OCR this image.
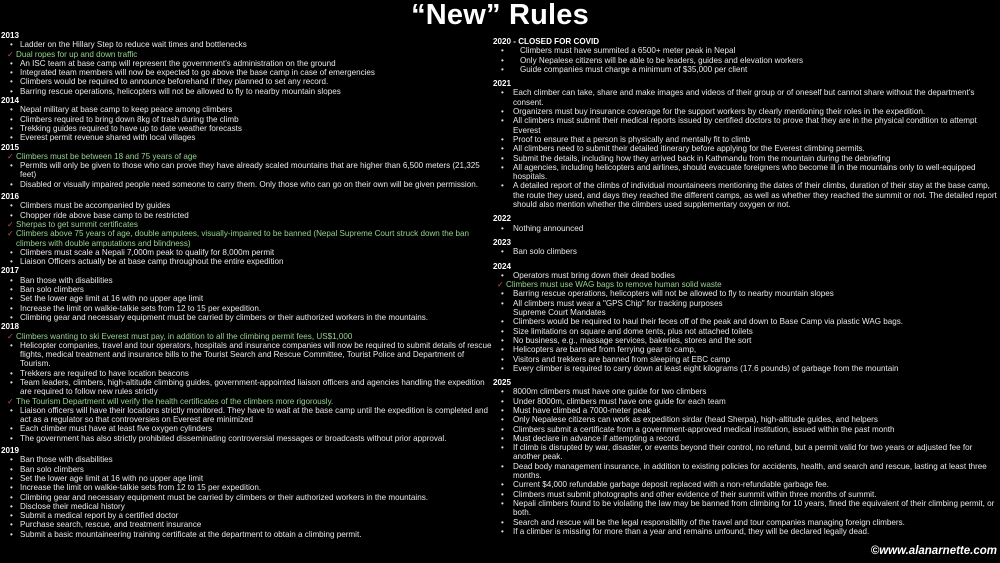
“New” Rules
2013
• Ladder on the Hillary Step to reduce wait times and bottlenecks
✓ Dual ropes for up and down traffic
• An ISC team at base camp will represent the government’s administration on the ground
• Integrated team members will now be expected to go above the base camp in case of emergencies
• Climbers would be required to announce beforehand if they planned to set any record.
• Barring rescue operations, helicopters will not be allowed to fly to nearby mountain slopes
2014
• Nepal military at base camp to keep peace among climbers
• Climbers required to bring down 8kg of trash during the climb
• Trekking guides required to have up to date weather forecasts
• Everest permit revenue shared with local villages
2015
✓ Climbers must be between 18 and 75 years of age
• Permits will only be given to those who can prove they have already scaled mountains that are higher than 6,500 meters (21,325 feet)
• Disabled or visually impaired people need someone to carry them. Only those who can go on their own will be given permission.
2016
• Climbers must be accompanied by guides
• Chopper ride above base camp to be restricted
✓ Sherpas to get summit certificates
✓ Climbers above 75 years of age, double amputees, visually-impaired to be banned (Nepal Supreme Court struck down the ban climbers with double amputations and blindness)
• Climbers must scale a Nepali 7,000m peak to qualify for 8,000m permit
• Liaison Officers actually be at base camp throughout the entire expedition
2017
• Ban those with disabilities
• Ban solo climbers
• Set the lower age limit at 16 with no upper age limit
• Increase the limit on walkie-talkie sets from 12 to 15 per expedition.
• Climbing gear and necessary equipment must be carried by climbers or their authorized workers in the mountains.
2018
✓ Climbers wanting to ski Everest must pay, in addition to all the climbing permit fees, US$1,000
• Helicopter companies, travel and tour operators, hospitals and insurance companies will now be required to submit details of rescue flights, medical treatment and insurance bills to the Tourist Search and Rescue Committee, Tourist Police and Department of Tourism.
• Trekkers are required to have location beacons
• Team leaders, climbers, high-altitude climbing guides, government-appointed liaison officers and agencies handling the expedition are required to follow new rules strictly
✓ The Tourism Department will verify the health certificates of the climbers more rigorously.
• Liaison officers will have their locations strictly monitored. They have to wait at the base camp until the expedition is completed and act as a regulator so that controversies on Everest are minimized
• Each climber must have at least five oxygen cylinders
• The government has also strictly prohibited disseminating controversial messages or broadcasts without prior approval.
2019
• Ban those with disabilities
• Ban solo climbers
• Set the lower age limit at 16 with no upper age limit
• Increase the limit on walkie-talkie sets from 12 to 15 per expedition.
• Climbing gear and necessary equipment must be carried by climbers or their authorized workers in the mountains.
• Disclose their medical history
• Submit a medical report by a certified doctor
• Purchase search, rescue, and treatment insurance
• Submit a basic mountaineering training certificate at the department to obtain a climbing permit.
2020 - CLOSED FOR COVID
• Climbers must have summited a 6500+ meter peak in Nepal
• Only Nepalese citizens will be able to be leaders, guides and elevation workers
• Guide companies must charge a minimum of $35,000 per client
2021
• Each climber can take, share and make images and videos of their group or of oneself but cannot share without the department’s consent.
• Organizers must buy insurance coverage for the support workers by clearly mentioning their roles in the expedition.
• All climbers must submit their medical reports issued by certified doctors to prove that they are in the physical condition to attempt Everest
• Proof to ensure that a person is physically and mentally fit to climb
• All climbers need to submit their detailed itinerary before applying for the Everest climbing permits.
• Submit the details, including how they arrived back in Kathmandu from the mountain during the debriefing
• All agencies, including helicopters and airlines, should evacuate foreigners who become ill in the mountains only to well-equipped hospitals.
• A detailed report of the climbs of individual mountaineers mentioning the dates of their climbs, duration of their stay at the base camp, the route they used, and days they reached the different camps, as well as whether they reached the summit or not. The detailed report should also mention whether the climbers used supplementary oxygen or not.
2022
• Nothing announced
2023
• Ban solo climbers
2024
• Operators must bring down their dead bodies
✓ Climbers must use WAG bags to remove human solid waste
• Barring rescue operations, helicopters will not be allowed to fly to nearby mountain slopes
• All climbers must wear a "GPS Chip" for tracking purposes
Supreme Court Mandates
• Climbers would be required to haul their feces off of the peak and down to Base Camp via plastic WAG bags.
• Size limitations on square and dome tents, plus not attached toilets
• No business, e.g., massage services, bakeries, stores and the sort
• Helicopters are banned from ferrying gear to camp,
• Visitors and trekkers are banned from sleeping at EBC camp
• Every climber is required to carry down at least eight kilograms (17.6 pounds) of garbage from the mountain
2025
• 8000m climbers must have one guide for two climbers
• Under 8000m, climbers must have one guide for each team
• Must have climbed a 7000-meter peak
• Only Nepalese citizens can work as expedition sirdar (head Sherpa), high-altitude guides, and helpers
• Climbers submit a certificate from a government-approved medical institution, issued within the past month
• Must declare in advance if attempting a record.
• If climb is disrupted by war, disaster, or events beyond their control, no refund, but a permit valid for two years or adjusted fee for another peak.
• Dead body management insurance, in addition to existing policies for accidents, health, and search and rescue, lasting at least three months.
• Current $4,000 refundable garbage deposit replaced with a non-refundable garbage fee.
• Climbers must submit photographs and other evidence of their summit within three months of summit.
• Nepali climbers found to be violating the law may be banned from climbing for 10 years, fined the equivalent of their climbing permit, or both.
• Search and rescue will be the legal responsibility of the travel and tour companies managing foreign climbers.
• If a climber is missing for more than a year and remains unfound, they will be declared legally dead.
©www.alanarnette.com
